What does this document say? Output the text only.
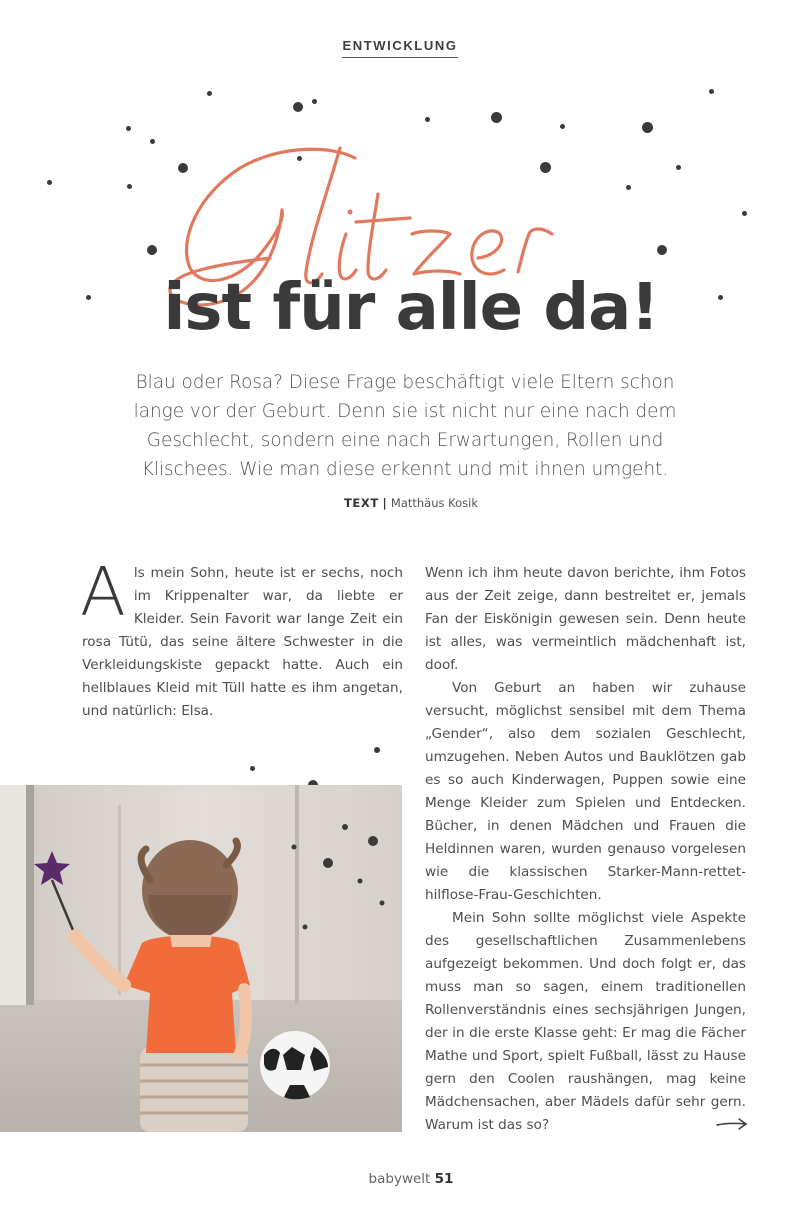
ENTWICKLUNG
ist für alle da!
Blau oder Rosa? Diese Frage beschäftigt viele Eltern schon lange vor der Geburt. Denn sie ist nicht nur eine nach dem Geschlecht, sondern eine nach Erwartungen, Rollen und Klischees. Wie man diese erkennt und mit ihnen umgeht.
TEXT | Matthäus Kosik

Als mein Sohn, heute ist er sechs, noch im Krippenalter war, da liebte er Kleider. Sein Favorit war lange Zeit ein rosa Tütü, das seine ältere Schwester in die Verkleidungskiste gepackt hatte. Auch ein hellblaues Kleid mit Tüll hatte es ihm angetan, und natürlich: Elsa.

Wenn ich ihm heute davon berichte, ihm Fotos aus der Zeit zeige, dann bestreitet er, jemals Fan der Eiskönigin gewesen sein. Denn heute ist alles, was vermeintlich mädchenhaft ist, doof.

Von Geburt an haben wir zuhause versucht, möglichst sensibel mit dem Thema „Gender“, also dem sozialen Geschlecht, umzugehen. Neben Autos und Bauklötzen gab es so auch Kinderwagen, Puppen sowie eine Menge Kleider zum Spielen und Entdecken. Bücher, in denen Mädchen und Frauen die Heldinnen waren, wurden genauso vorgelesen wie die klassischen Starker-Mann-rettet-hilflose-Frau-Geschichten.

Mein Sohn sollte möglichst viele Aspekte des gesellschaftlichen Zusammenlebens aufgezeigt bekommen. Und doch folgt er, das muss man so sagen, einem traditionellen Rollenverständnis eines sechsjährigen Jungen, der in die erste Klasse geht: Er mag die Fächer Mathe und Sport, spielt Fußball, lässt zu Hause gern den Coolen raushängen, mag keine Mädchensachen, aber Mädels dafür sehr gern. Warum ist das so?

babywelt 51
